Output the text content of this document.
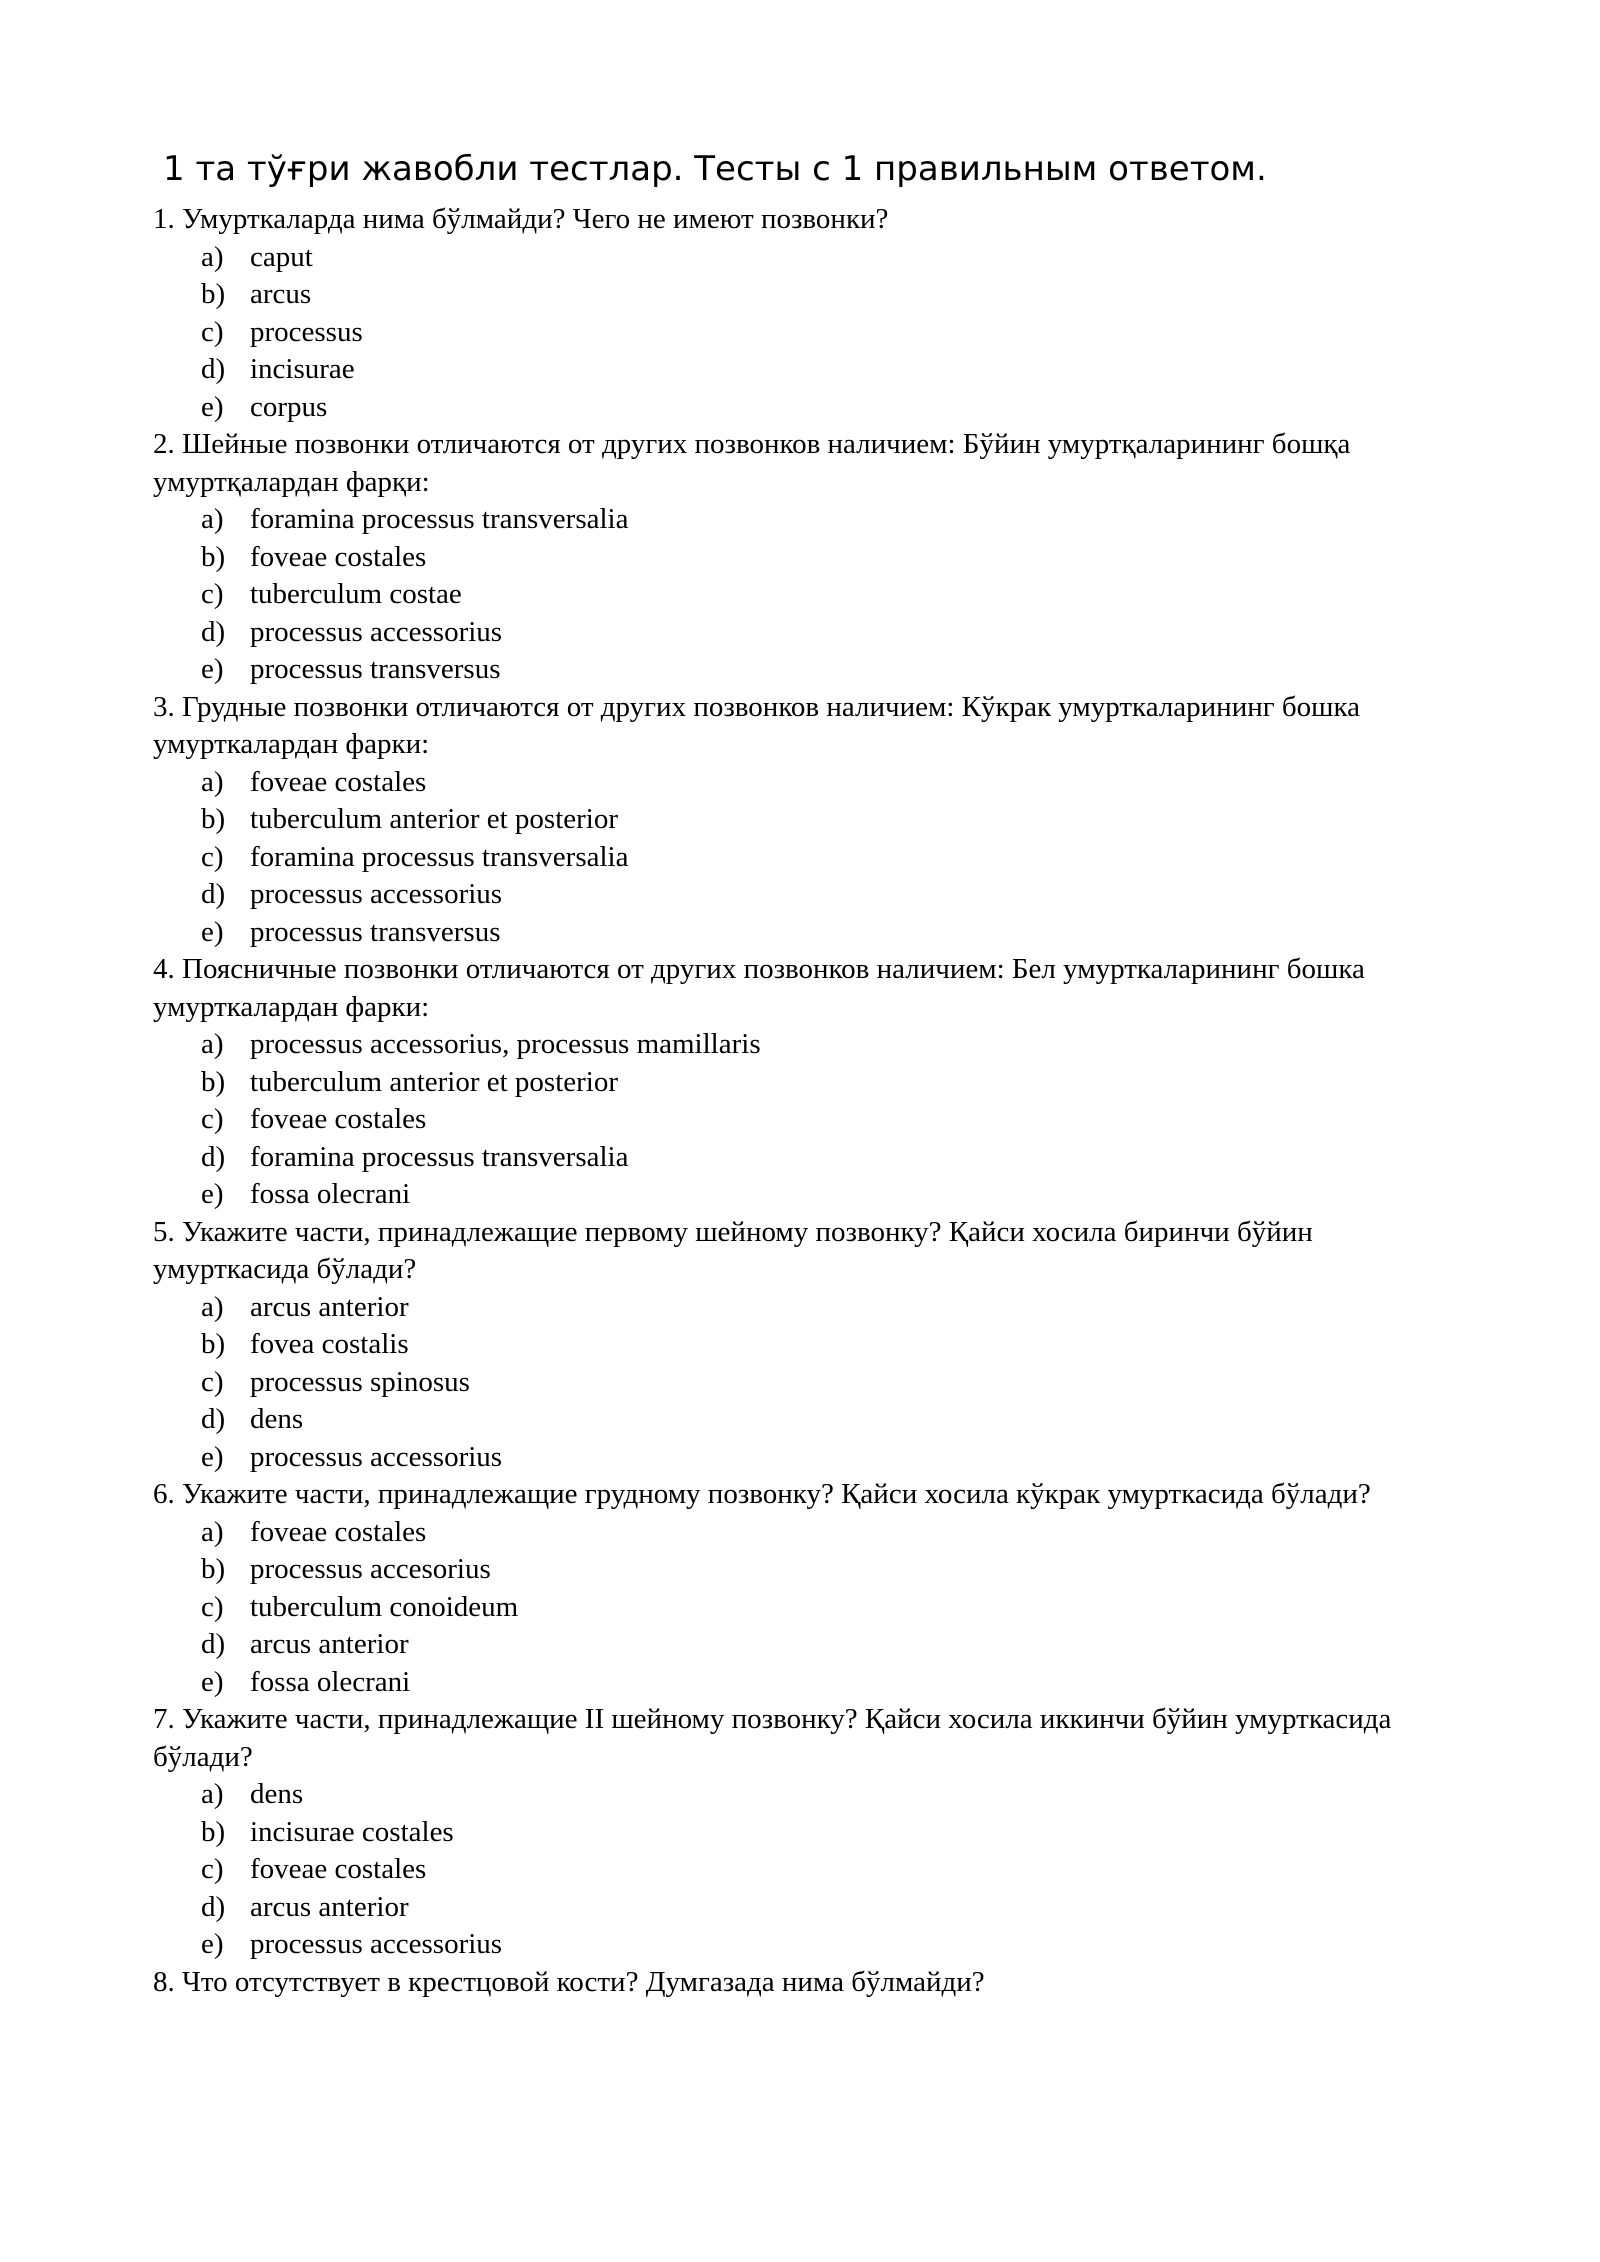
1 та тўғри жавобли тестлар. Тесты с 1 правильным ответом.

1. Умурткаларда нима бўлмайди? Чего не имеют позвонки?

a) caput
b) arcus
c) processus
d) incisurae
e) corpus

2. Шейные позвонки отличаются от других позвонков наличием: Бўйин умуртқаларининг бошқа умуртқалардан фарқи:

a) foramina processus transversalia
b) foveae costales
c) tuberculum costae
d) processus accessorius
e) processus transversus

3. Грудные позвонки отличаются от других позвонков наличием: Кўкрак умурткаларининг бошка умурткалардан фарки:

a) foveae costales
b) tuberculum anterior et posterior
c) foramina processus transversalia
d) processus accessorius
e) processus transversus

4. Поясничные позвонки отличаются от других позвонков наличием: Бел умурткаларининг бошка умурткалардан фарки:

a) processus accessorius, processus mamillaris
b) tuberculum anterior et posterior
c) foveae costales
d) foramina processus transversalia
e) fossa olecrani

5. Укажите части, принадлежащие первому шейному позвонку? Қайси хосила биринчи бўйин умурткасида бўлади?

a) arcus anterior
b) fovea costalis
c) processus spinosus
d) dens
e) processus accessorius

6. Укажите части, принадлежащие грудному позвонку? Қайси хосила кўкрак умурткасида бўлади?

a) foveae costales
b) processus accesorius
c) tuberculum conoideum
d) arcus anterior
e) fossa olecrani

7. Укажите части, принадлежащие II шейному позвонку? Қайси хосила иккинчи бўйин умурткасида бўлади?

a) dens
b) incisurae costales
c) foveae costales
d) arcus anterior
e) processus accessorius

8. Что отсутствует в крестцовой кости? Думгазада нима бўлмайди?
